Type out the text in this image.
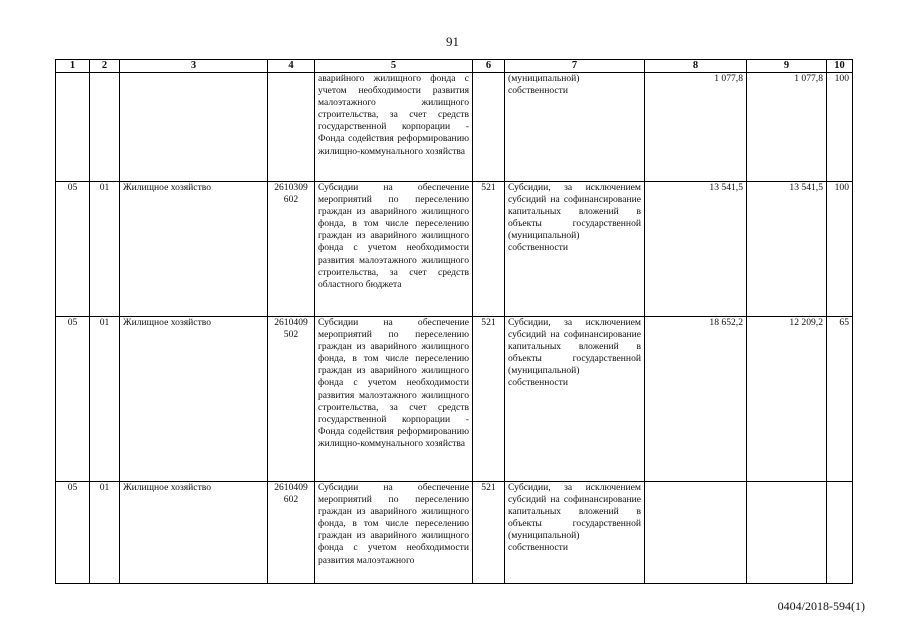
91
1	2	3	4	5	6	7	8	9	10
				аварийного жилищного фонда с учетом необходимости развития малоэтажного жилищного строительства, за счет средств государственной корпорации - Фонда содействия реформированию жилищно-коммунального хозяйства		(муниципальной) собственности	1 077,8	1 077,8	100
05	01	Жилищное хозяйство	2610309 602	Субсидии на обеспечение мероприятий по переселению граждан из аварийного жилищного фонда, в том числе переселению граждан из аварийного жилищного фонда с учетом необходимости развития малоэтажного жилищного строительства, за счет средств областного бюджета	521	Субсидии, за исключением субсидий на софинансирование капитальных вложений в объекты государственной (муниципальной) собственности	13 541,5	13 541,5	100
05	01	Жилищное хозяйство	2610409 502	Субсидии на обеспечение мероприятий по переселению граждан из аварийного жилищного фонда, в том числе переселению граждан из аварийного жилищного фонда с учетом необходимости развития малоэтажного жилищного строительства, за счет средств государственной корпорации - Фонда содействия реформированию жилищно-коммунального хозяйства	521	Субсидии, за исключением субсидий на софинансирование капитальных вложений в объекты государственной (муниципальной) собственности	18 652,2	12 209,2	65
05	01	Жилищное хозяйство	2610409 602	Субсидии на обеспечение мероприятий по переселению граждан из аварийного жилищного фонда, в том числе переселению граждан из аварийного жилищного фонда с учетом необходимости развития малоэтажного	521	Субсидии, за исключением субсидий на софинансирование капитальных вложений в объекты государственной (муниципальной) собственности			
0404/2018-594(1)
